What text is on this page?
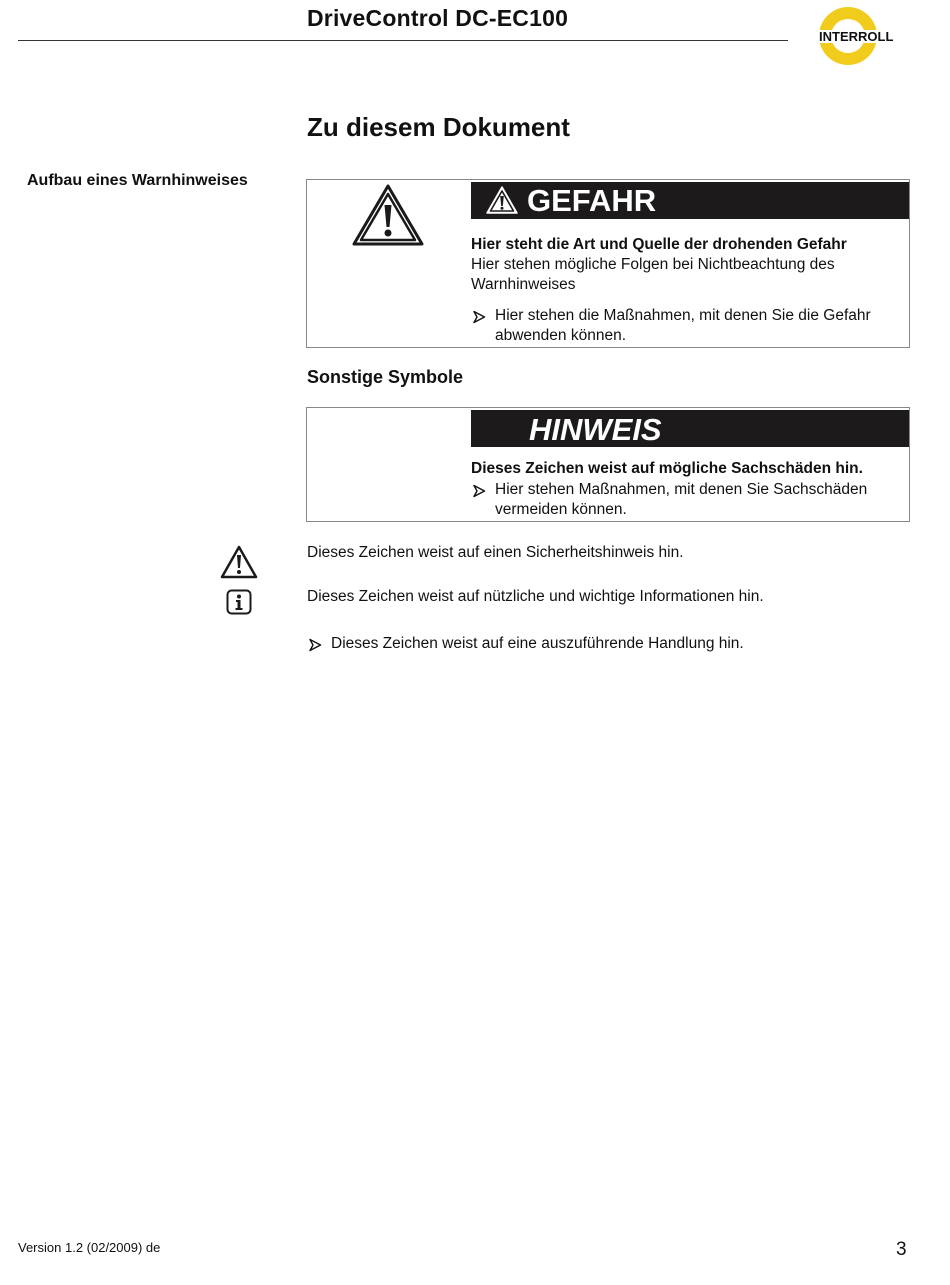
DriveControl DC-EC100
INTERROLL
Zu diesem Dokument
Aufbau eines Warnhinweises
GEFAHR
Hier steht die Art und Quelle der drohenden Gefahr
Hier stehen mögliche Folgen bei Nichtbeachtung des
Warnhinweises
Hier stehen die Maßnahmen, mit denen Sie die Gefahr
abwenden können.
Sonstige Symbole
HINWEIS
Dieses Zeichen weist auf mögliche Sachschäden hin.
Hier stehen Maßnahmen, mit denen Sie Sachschäden
vermeiden können.
Dieses Zeichen weist auf einen Sicherheitshinweis hin.
Dieses Zeichen weist auf nützliche und wichtige Informationen hin.
Dieses Zeichen weist auf eine auszuführende Handlung hin.
Version 1.2 (02/2009) de	3
